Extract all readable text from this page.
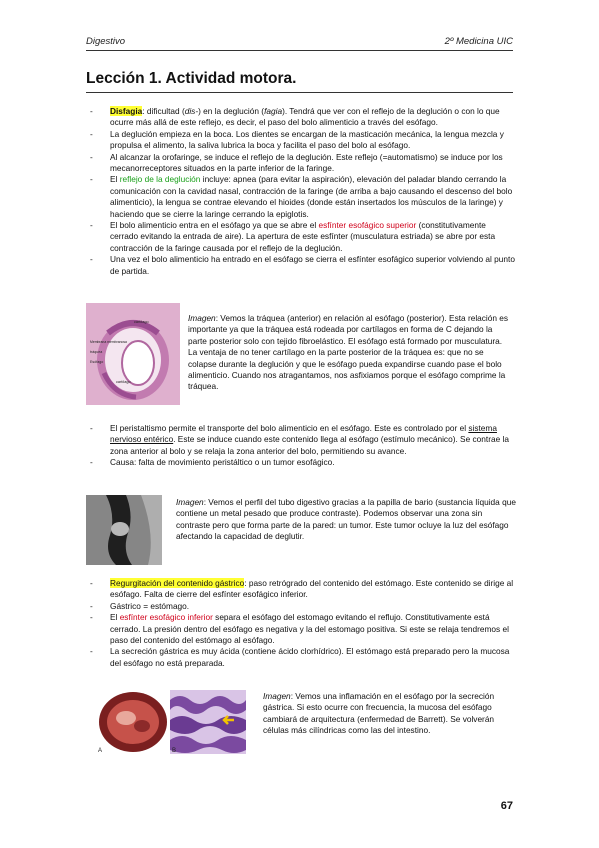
Digestivo	2º Medicina UIC
Lección 1. Actividad motora.
- Disfagia: dificultad (dis-) en la deglución (fagia). Tendrá que ver con el reflejo de la deglución o con lo que ocurre más allá de este reflejo, es decir, el paso del bolo alimenticio a través del esófago.
- La deglución empieza en la boca. Los dientes se encargan de la masticación mecánica, la lengua mezcla y propulsa el alimento, la saliva lubrica la boca y facilita el paso del bolo al esófago.
- Al alcanzar la orofaringe, se induce el reflejo de la deglución. Este reflejo (=automatismo) se induce por los mecanorreceptores situados en la parte inferior de la faringe.
- El reflejo de la deglución incluye: apnea (para evitar la aspiración), elevación del paladar blando cerrando la comunicación con la cavidad nasal, contracción de la faringe (de arriba a bajo causando el descenso del bolo alimenticio), la lengua se contrae elevando el hioides (donde están insertados los músculos de la laringe) y haciendo que se cierre la laringe cerrando la epiglotis.
- El bolo alimenticio entra en el esófago ya que se abre el esfínter esofágico superior (constitutivamente cerrado evitando la entrada de aire). La apertura de este esfínter (musculatura estriada) se abre por esta contracción de la faringe causada por el reflejo de la deglución.
- Una vez el bolo alimenticio ha entrado en el esófago se cierra el esfínter esofágico superior volviendo al punto de partida.
cartílago
Membrana membranosa
tráquea
Esófago
cartílago
Imagen: Vemos la tráquea (anterior) en relación al esófago (posterior). Esta relación es importante ya que la tráquea está rodeada por cartílagos en forma de C dejando la parte posterior solo con tejido fibroelástico. El esófago está formado por musculatura. La ventaja de no tener cartílago en la parte posterior de la tráquea es: que no se colapse durante la deglución y que le esófago pueda expandirse cuando pase el bolo alimenticio. Cuando nos atragantamos, nos asfixiamos porque el esófago comprime la tráquea.
- El peristaltismo permite el transporte del bolo alimenticio en el esófago. Este es controlado por el sistema nervioso entérico. Este se induce cuando este contenido llega al esófago (estímulo mecánico). Se contrae la zona anterior al bolo y se relaja la zona anterior del bolo, permitiendo su avance.
- Causa: falta de movimiento peristáltico o un tumor esofágico.
Imagen: Vemos el perfil del tubo digestivo gracias a la papilla de bario (sustancia líquida que contiene un metal pesado que produce contraste). Podemos observar una zona sin contraste pero que forma parte de la pared: un tumor. Este tumor ocluye la luz del esófago afectando la capacidad de deglutir.
- Regurgitación del contenido gástrico: paso retrógrado del contenido del estómago. Este contenido se dirige al esófago. Falta de cierre del esfínter esofágico inferior.
- Gástrico = estómago.
- El esfínter esofágico inferior separa el esófago del estomago evitando el reflujo. Constitutivamente está cerrado. La presión dentro del esófago es negativa y la del estomago positiva. Si este se relaja tendremos el paso del contenido del estómago al esófago.
- La secreción gástrica es muy ácida (contiene ácido clorhídrico). El estómago está preparado pero la mucosa del esófago no está preparada.
A	B
Imagen: Vemos una inflamación en el esófago por la secreción gástrica. Si esto ocurre con frecuencia, la mucosa del esófago cambiará de arquitectura (enfermedad de Barrett). Se volverán células más cilíndricas como las del intestino.
67
